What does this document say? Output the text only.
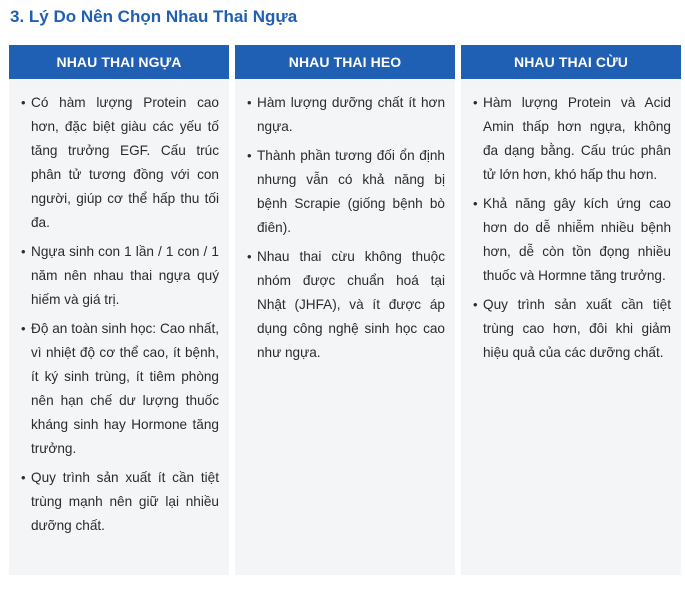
3. Lý Do Nên Chọn Nhau Thai Ngựa
NHAU THAI NGỰA
• Có hàm lượng Protein cao hơn, đặc biệt giàu các yếu tố tăng trưởng EGF. Cấu trúc phân tử tương đồng với con người, giúp cơ thể hấp thu tối đa.
• Ngựa sinh con 1 lần / 1 con / 1 năm nên nhau thai ngựa quý hiếm và giá trị.
• Độ an toàn sinh học: Cao nhất, vì nhiệt độ cơ thể cao, ít bệnh, ít ký sinh trùng, ít tiêm phòng nên hạn chế dư lượng thuốc kháng sinh hay Hormone tăng trưởng.
• Quy trình sản xuất ít cần tiệt trùng mạnh nên giữ lại nhiều dưỡng chất.
NHAU THAI HEO
• Hàm lượng dưỡng chất ít hơn ngựa.
• Thành phần tương đối ổn định nhưng vẫn có khả năng bị bệnh Scrapie (giống bệnh bò điên).
• Nhau thai cừu không thuộc nhóm được chuẩn hoá tại Nhật (JHFA), và ít được áp dụng công nghệ sinh học cao như ngựa.
NHAU THAI CỪU
• Hàm lượng Protein và Acid Amin thấp hơn ngựa, không đa dạng bằng. Cấu trúc phân tử lớn hơn, khó hấp thu hơn.
• Khả năng gây kích ứng cao hơn do dễ nhiễm nhiều bệnh hơn, dễ còn tồn đọng nhiều thuốc và Hormne tăng trưởng.
• Quy trình sản xuất cần tiệt trùng cao hơn, đôi khi giảm hiệu quả của các dưỡng chất.
